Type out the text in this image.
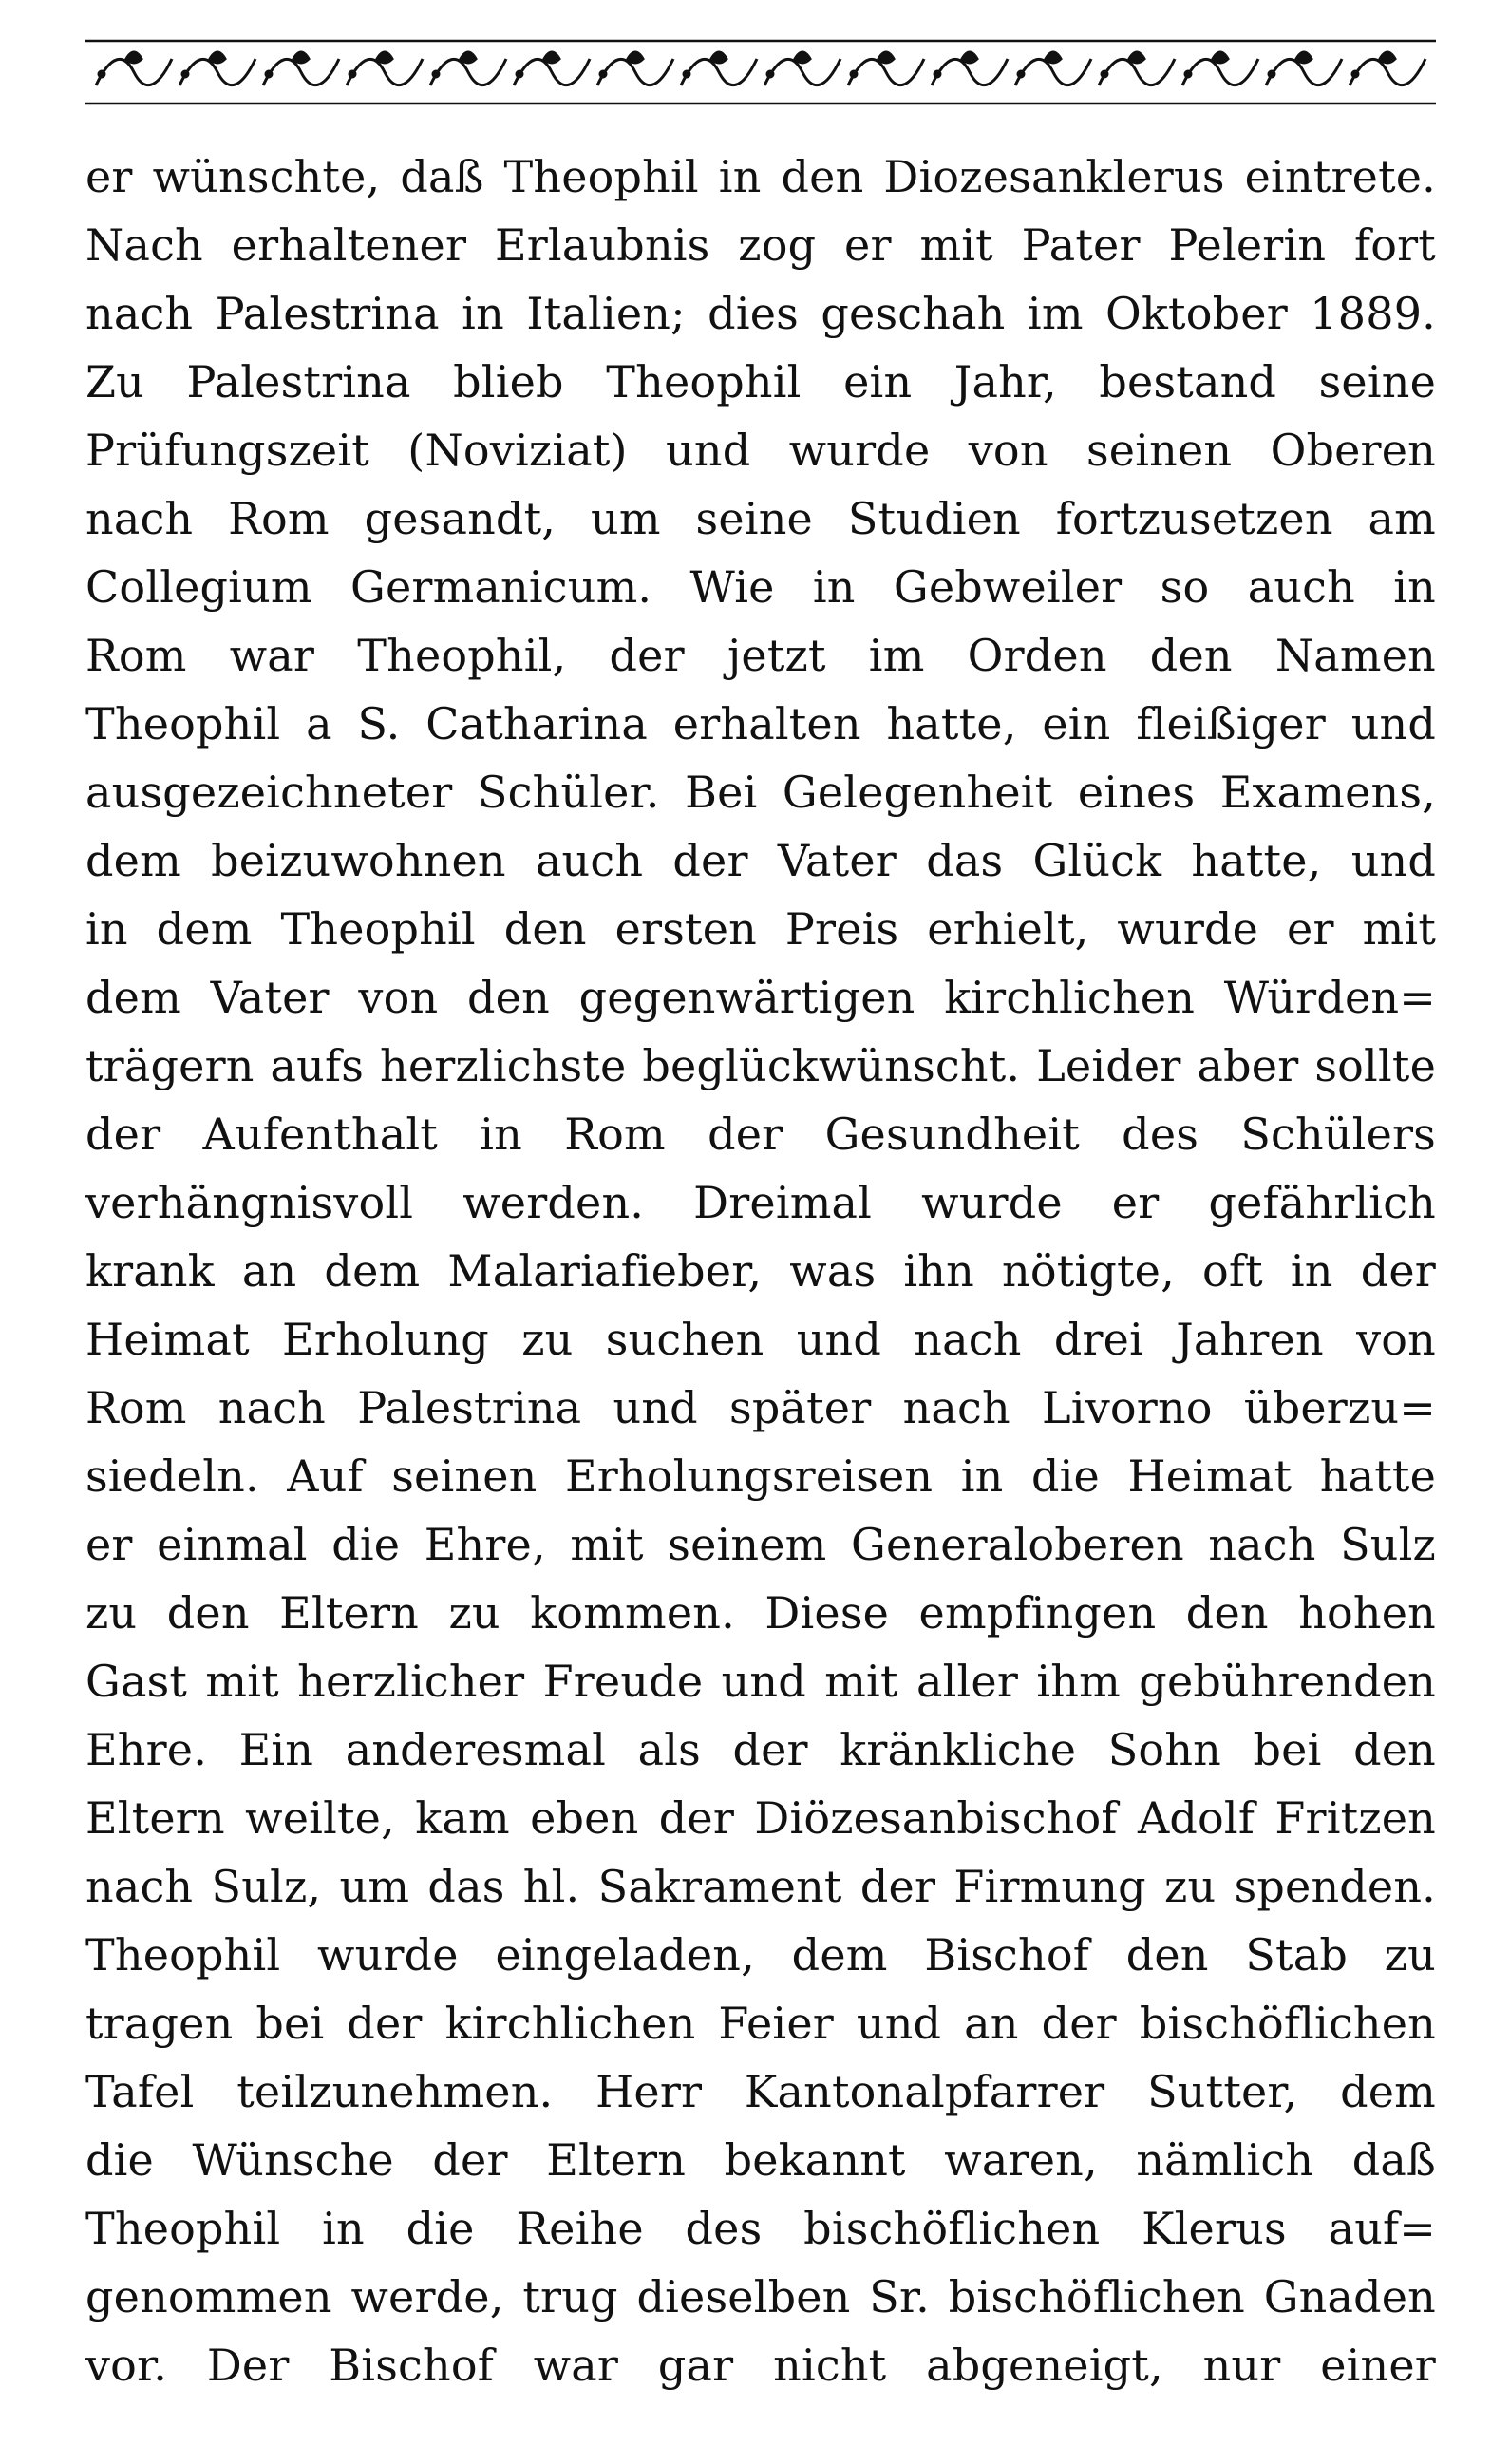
er wünschte, daß Theophil in den Diozesanklerus eintrete.
Nach erhaltener Erlaubnis zog er mit Pater Pelerin fort
nach Palestrina in Italien; dies geschah im Oktober 1889.
Zu Palestrina blieb Theophil ein Jahr, bestand seine
Prüfungszeit (Noviziat) und wurde von seinen Oberen
nach Rom gesandt, um seine Studien fortzusetzen am
Collegium Germanicum. Wie in Gebweiler so auch in
Rom war Theophil, der jetzt im Orden den Namen
Theophil a S. Catharina erhalten hatte, ein fleißiger und
ausgezeichneter Schüler. Bei Gelegenheit eines Examens,
dem beizuwohnen auch der Vater das Glück hatte, und
in dem Theophil den ersten Preis erhielt, wurde er mit
dem Vater von den gegenwärtigen kirchlichen Würden=
trägern aufs herzlichste beglückwünscht. Leider aber sollte
der Aufenthalt in Rom der Gesundheit des Schülers
verhängnisvoll werden. Dreimal wurde er gefährlich
krank an dem Malariafieber, was ihn nötigte, oft in der
Heimat Erholung zu suchen und nach drei Jahren von
Rom nach Palestrina und später nach Livorno überzu=
siedeln. Auf seinen Erholungsreisen in die Heimat hatte
er einmal die Ehre, mit seinem Generaloberen nach Sulz
zu den Eltern zu kommen. Diese empfingen den hohen
Gast mit herzlicher Freude und mit aller ihm gebührenden
Ehre. Ein anderesmal als der kränkliche Sohn bei den
Eltern weilte, kam eben der Diözesanbischof Adolf Fritzen
nach Sulz, um das hl. Sakrament der Firmung zu spenden.
Theophil wurde eingeladen, dem Bischof den Stab zu
tragen bei der kirchlichen Feier und an der bischöflichen
Tafel teilzunehmen. Herr Kantonalpfarrer Sutter, dem
die Wünsche der Eltern bekannt waren, nämlich daß
Theophil in die Reihe des bischöflichen Klerus auf=
genommen werde, trug dieselben Sr. bischöflichen Gnaden
vor. Der Bischof war gar nicht abgeneigt, nur einer
